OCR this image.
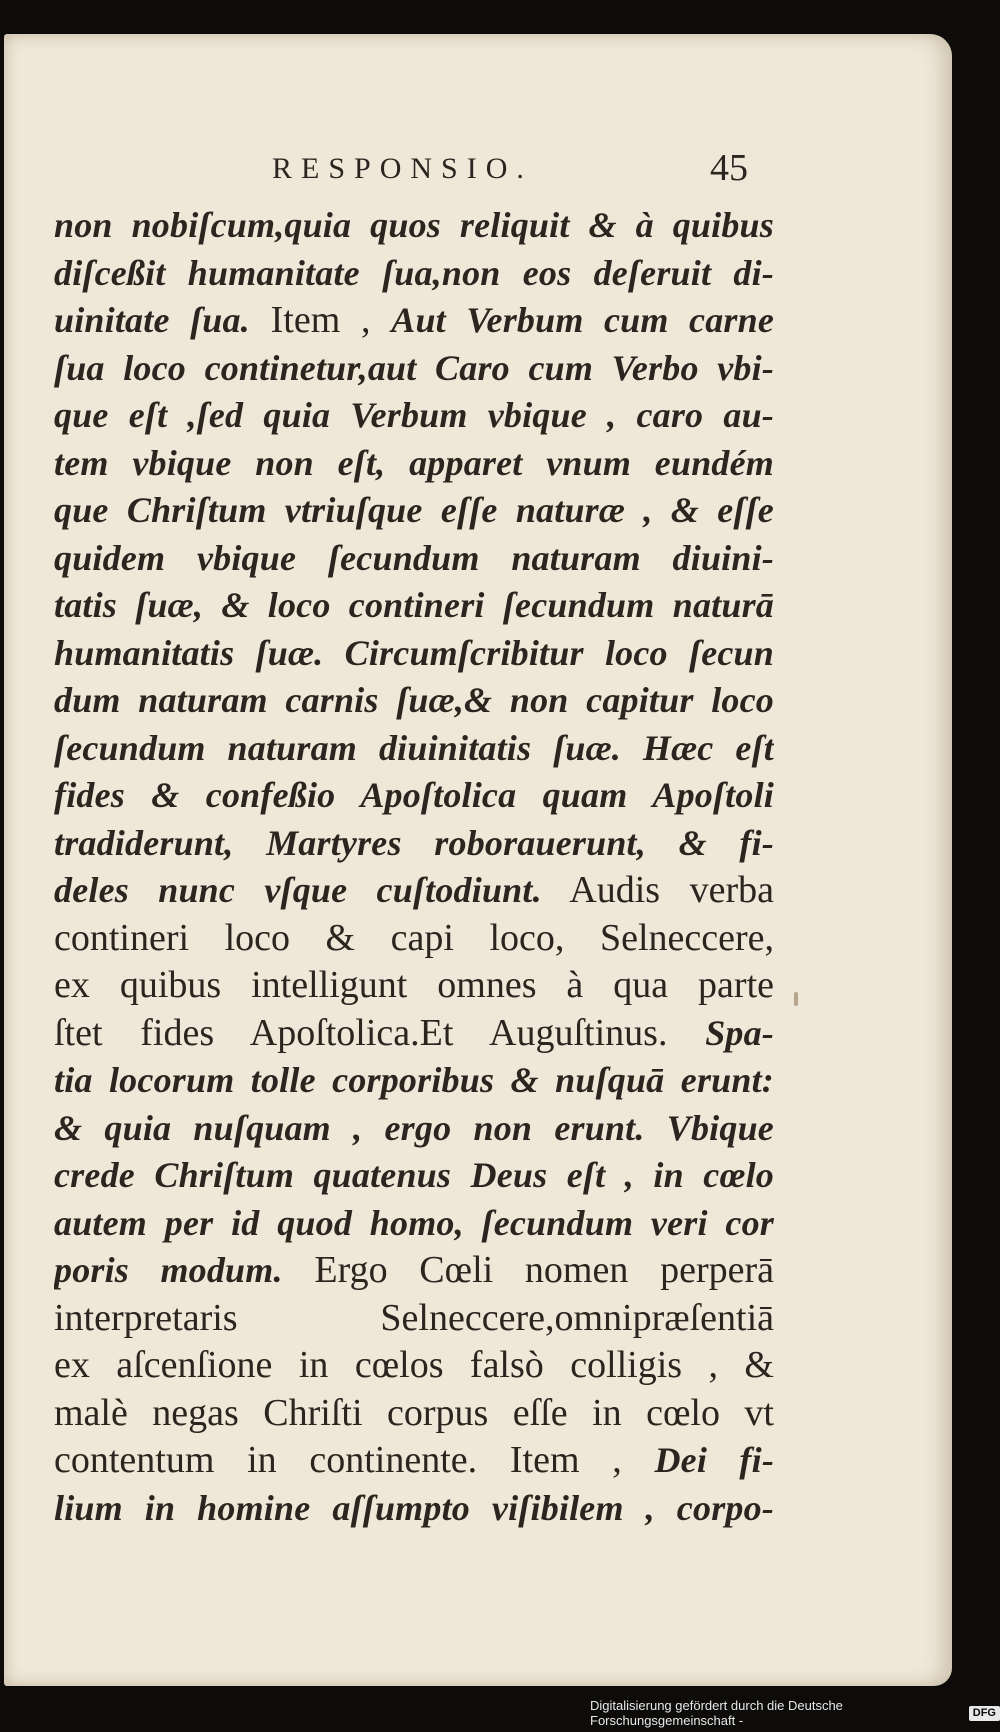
RESPONSIO.	45
non nobiſcum,quia quos reliquit & à quibus
diſceßit humanitate ſua,non eos deſeruit di-
uinitate ſua. Item , Aut Verbum cum carne
ſua loco continetur,aut Caro cum Verbo vbi-
que eſt ,ſed quia Verbum vbique , caro au-
tem vbique non eſt, apparet vnum eundém
que Chriſtum vtriuſque eſſe naturæ , & eſſe
quidem vbique ſecundum naturam diuini-
tatis ſuæ, & loco contineri ſecundum naturā
humanitatis ſuæ. Circumſcribitur loco ſecun
dum naturam carnis ſuæ,& non capitur loco
ſecundum naturam diuinitatis ſuæ. Hæc eſt
fides & confeßio Apoſtolica quam Apoſtoli
tradiderunt, Martyres roborauerunt, & fi-
deles nunc vſque cuſtodiunt. Audis verba
contineri loco & capi loco, Selneccere,
ex quibus intelligunt omnes à qua parte
ſtet fides Apoſtolica.Et Auguſtinus. Spa-
tia locorum tolle corporibus & nuſquā erunt:
& quia nuſquam , ergo non erunt. Vbique
crede Chriſtum quatenus Deus eſt , in cœlo
autem per id quod homo, ſecundum veri cor
poris modum. Ergo Cœli nomen perperā
interpretaris Selneccere,omnipræſentiā
ex aſcenſione in cœlos falsò colligis , &
malè negas Chriſti corpus eſſe in cœlo vt
contentum in continente. Item , Dei fi-
lium in homine aſſumpto viſibilem , corpo-
Digitalisierung gefördert durch die Deutsche Forschungsgemeinschaft -
DFG
